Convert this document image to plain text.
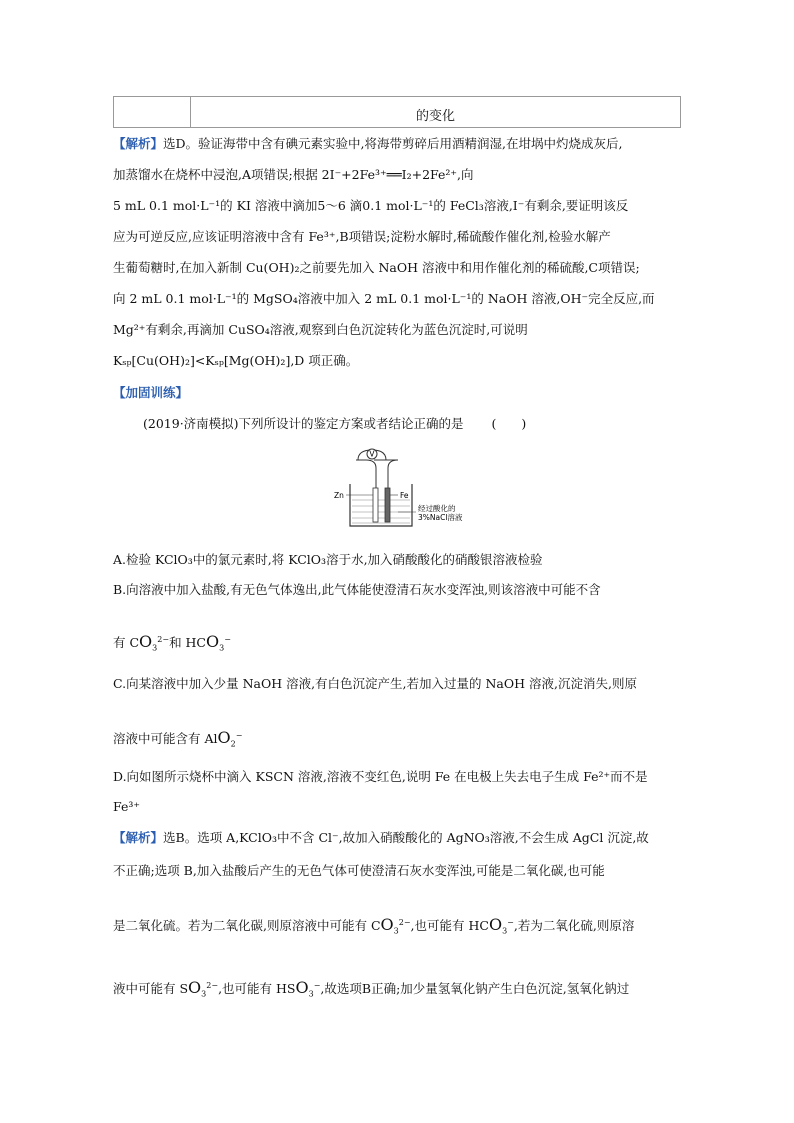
	的变化
【解析】选D。验证海带中含有碘元素实验中,将海带剪碎后用酒精润湿,在坩埚中灼烧成灰后,
加蒸馏水在烧杯中浸泡,A项错误;根据 2I⁻+2Fe³⁺══I₂+2Fe²⁺,向
5 mL 0.1 mol·L⁻¹的 KI 溶液中滴加5～6 滴0.1 mol·L⁻¹的 FeCl₃溶液,I⁻有剩余,要证明该反
应为可逆反应,应该证明溶液中含有 Fe³⁺,B项错误;淀粉水解时,稀硫酸作催化剂,检验水解产
生葡萄糖时,在加入新制 Cu(OH)₂之前要先加入 NaOH 溶液中和用作催化剂的稀硫酸,C项错误;
向 2 mL 0.1 mol·L⁻¹的 MgSO₄溶液中加入 2 mL 0.1 mol·L⁻¹的 NaOH 溶液,OH⁻完全反应,而
Mg²⁺有剩余,再滴加 CuSO₄溶液,观察到白色沉淀转化为蓝色沉淀时,可说明
Kₛₚ[Cu(OH)₂]<Kₛₚ[Mg(OH)₂],D 项正确。
【加固训练】
(2019·济南模拟)下列所设计的鉴定方案或者结论正确的是 (　　)
V
Zn	Fe
经过酸化的
3%NaCl溶液
A.检验 KClO₃中的氯元素时,将 KClO₃溶于水,加入硝酸酸化的硝酸银溶液检验
B.向溶液中加入盐酸,有无色气体逸出,此气体能使澄清石灰水变浑浊,则该溶液中可能不含
有 $CO_3^{2-}$和 $HCO_3^-$
C.向某溶液中加入少量 NaOH 溶液,有白色沉淀产生,若加入过量的 NaOH 溶液,沉淀消失,则原
溶液中可能含有 AlO$_2$−
D.向如图所示烧杯中滴入 KSCN 溶液,溶液不变红色,说明 Fe 在电极上失去电子生成 Fe²⁺而不是
Fe³⁺
【解析】选B。选项 A,KClO₃中不含 Cl⁻,故加入硝酸酸化的 AgNO₃溶液,不会生成 AgCl 沉淀,故
不正确;选项 B,加入盐酸后产生的无色气体可使澄清石灰水变浑浊,可能是二氧化碳,也可能
是二氧化硫。若为二氧化碳,则原溶液中可能有 $CO_3^{2-}$,也可能有 $HCO_3^-$,若为二氧化硫,则原溶
液中可能有 $SO_3^{2-}$,也可能有 $HSO_3^-$,故选项B正确;加少量氢氧化钠产生白色沉淀,氢氧化钠过
